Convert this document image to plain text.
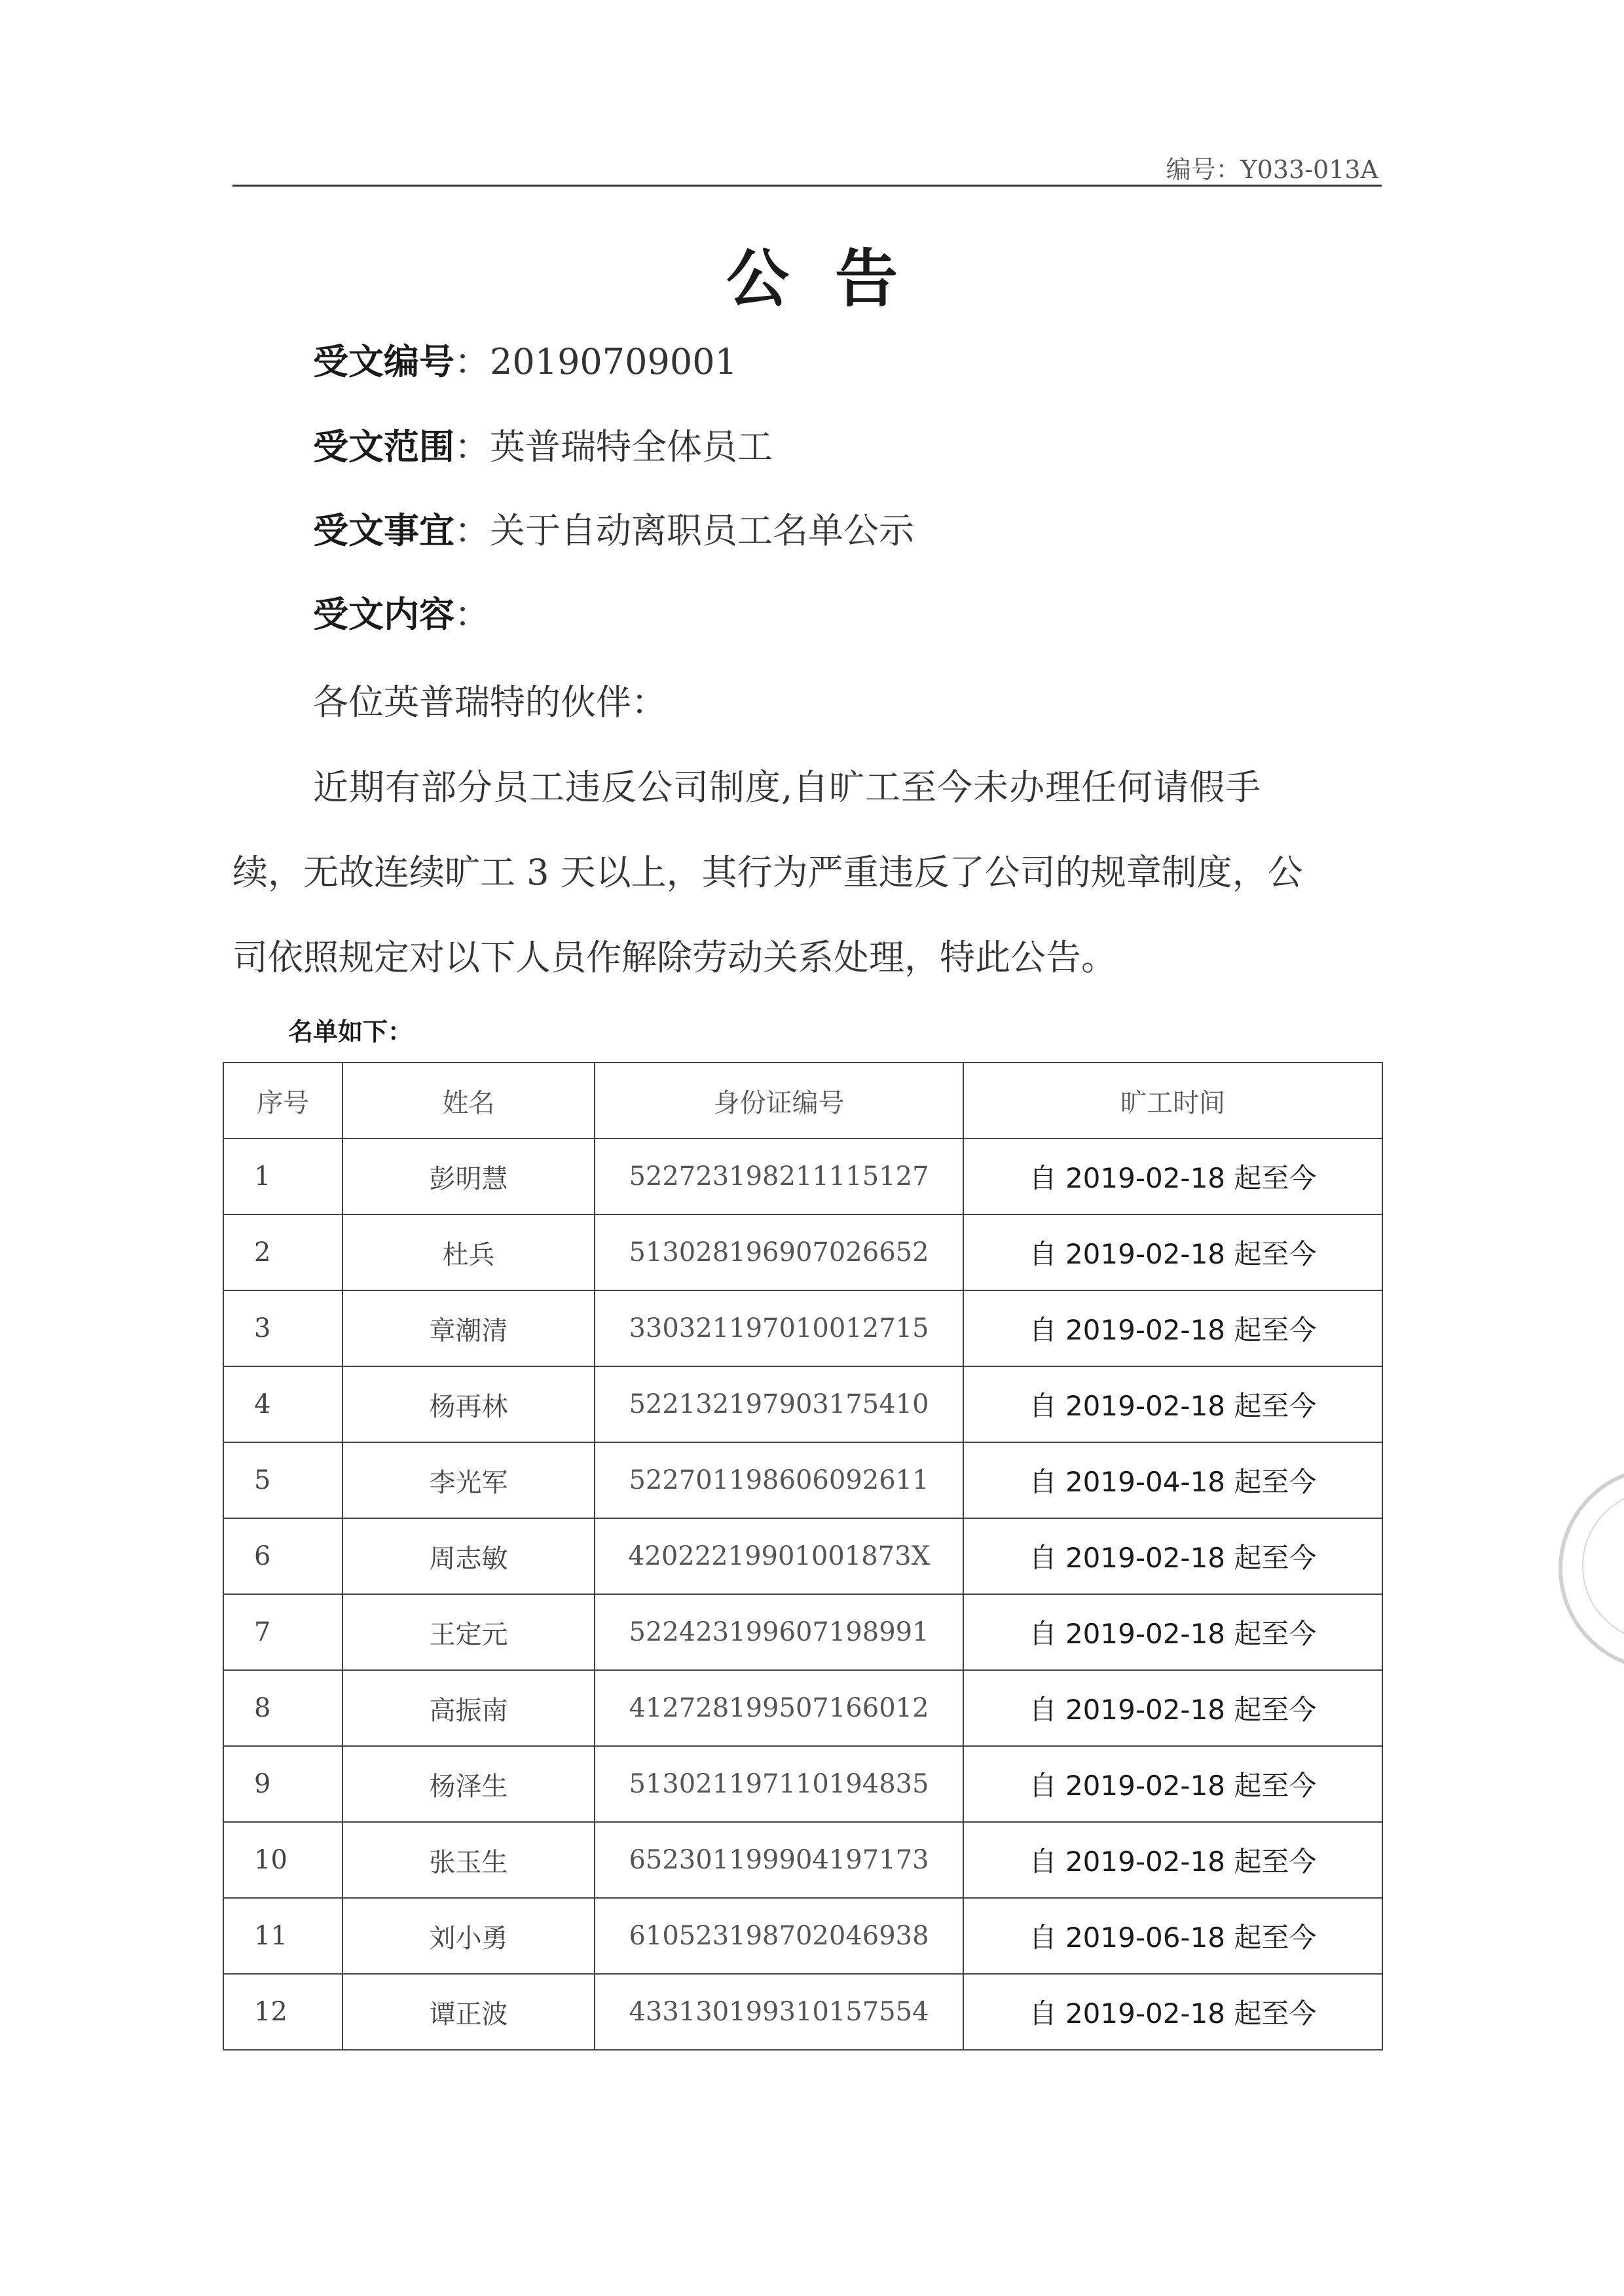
编号：Y033-013A
公告
受文编号：20190709001
受文范围：英普瑞特全体员工
受文事宜：关于自动离职员工名单公示
受文内容：
各位英普瑞特的伙伴：
近期有部分员工违反公司制度,自旷工至今未办理任何请假手
续，无故连续旷工 3 天以上，其行为严重违反了公司的规章制度，公
司依照规定对以下人员作解除劳动关系处理，特此公告。
名单如下：
序号	姓名	身份证编号	旷工时间
1	彭明慧	522723198211115127	自 2019-02-18 起至今
2	杜兵	513028196907026652	自 2019-02-18 起至今
3	章潮清	330321197010012715	自 2019-02-18 起至今
4	杨再林	522132197903175410	自 2019-02-18 起至今
5	李光军	522701198606092611	自 2019-04-18 起至今
6	周志敏	42022219901001873X	自 2019-02-18 起至今
7	王定元	522423199607198991	自 2019-02-18 起至今
8	高振南	412728199507166012	自 2019-02-18 起至今
9	杨泽生	513021197110194835	自 2019-02-18 起至今
10	张玉生	652301199904197173	自 2019-02-18 起至今
11	刘小勇	610523198702046938	自 2019-06-18 起至今
12	谭正波	433130199310157554	自 2019-02-18 起至今
